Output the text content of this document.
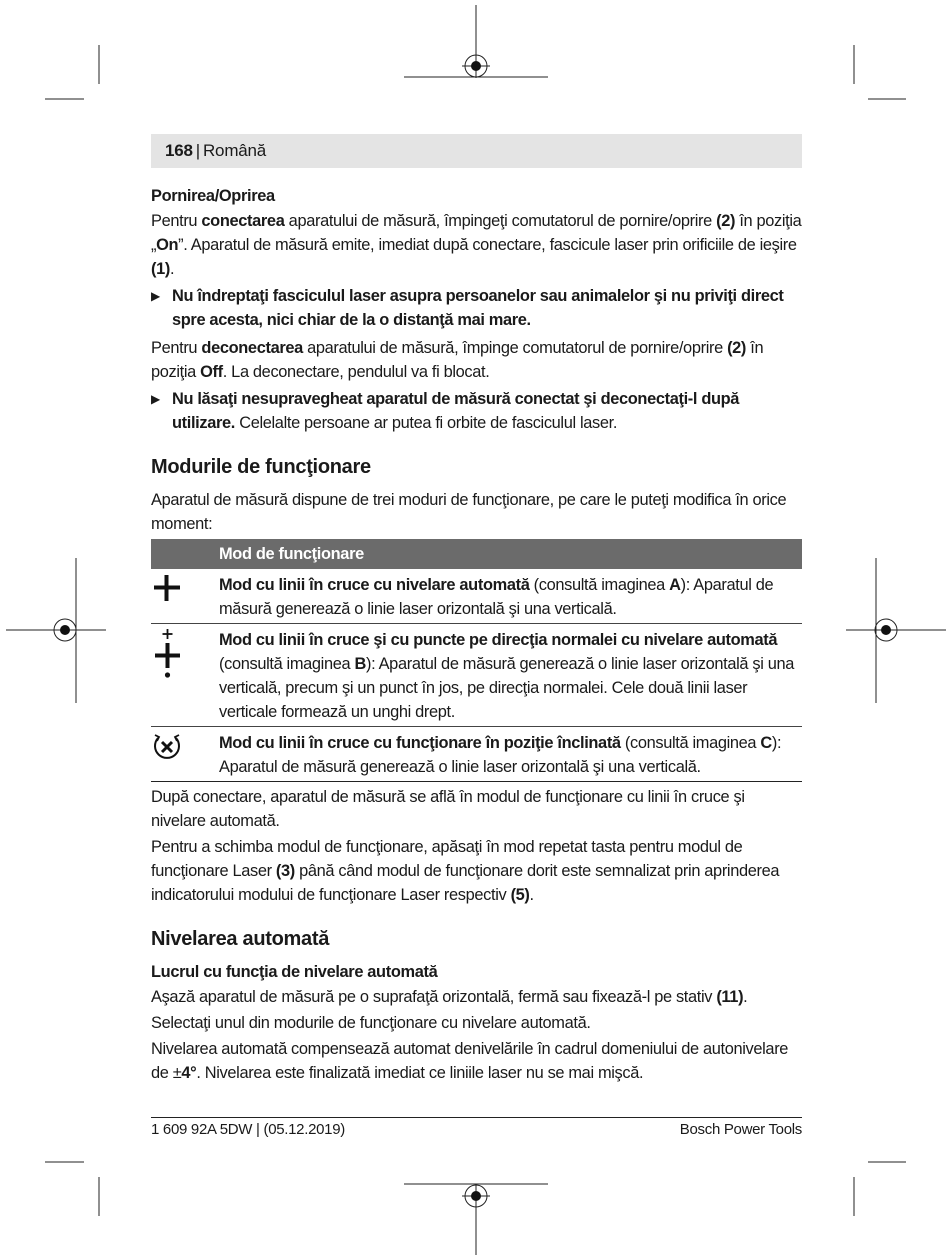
168 | Română
Pornirea/Oprirea

Pentru conectarea aparatului de măsură, împingeţi comutatorul de pornire/oprire (2) în poziţia „On”. Aparatul de măsură emite, imediat după conectare, fascicule laser prin orificiile de ieşire (1).

▶ Nu îndreptaţi fasciculul laser asupra persoanelor sau animalelor şi nu priviţi direct spre acesta, nici chiar de la o distanţă mai mare.

Pentru deconectarea aparatului de măsură, împinge comutatorul de pornire/oprire (2) în poziţia Off. La deconectare, pendulul va fi blocat.

▶ Nu lăsaţi nesupravegheat aparatul de măsură conectat şi deconectaţi-l după utilizare. Celelalte persoane ar putea fi orbite de fasciculul laser.
Modurile de funcţionare

Aparatul de măsură dispune de trei moduri de funcţionare, pe care le puteţi modifica în orice moment:

	Mod de funcţionare
	Mod cu linii în cruce cu nivelare automată (consultă imaginea A): Aparatul de măsură generează o linie laser orizontală şi una verticală.
	Mod cu linii în cruce şi cu puncte pe direcţia normalei cu nivelare automată (consultă imaginea B): Aparatul de măsură generează o linie laser orizontală şi una verticală, precum şi un punct în jos, pe direcţia normalei. Cele două linii laser verticale formează un unghi drept.
	Mod cu linii în cruce cu funcţionare în poziţie înclinată (consultă imaginea C): Aparatul de măsură generează o linie laser orizontală şi una verticală.

După conectare, aparatul de măsură se află în modul de funcţionare cu linii în cruce şi nivelare automată.

Pentru a schimba modul de funcţionare, apăsaţi în mod repetat tasta pentru modul de funcţionare Laser (3) până când modul de funcţionare dorit este semnalizat prin aprinderea indicatorului modului de funcţionare Laser respectiv (5).

Nivelarea automată
Lucrul cu funcţia de nivelare automată

Aşază aparatul de măsură pe o suprafaţă orizontală, fermă sau fixează-l pe stativ (11).

Selectaţi unul din modurile de funcţionare cu nivelare automată.

Nivelarea automată compensează automat denivelările în cadrul domeniului de autonivelare de ±4°. Nivelarea este finalizată imediat ce liniile laser nu se mai mişcă.

1 609 92A 5DW | (05.12.2019)	Bosch Power Tools
